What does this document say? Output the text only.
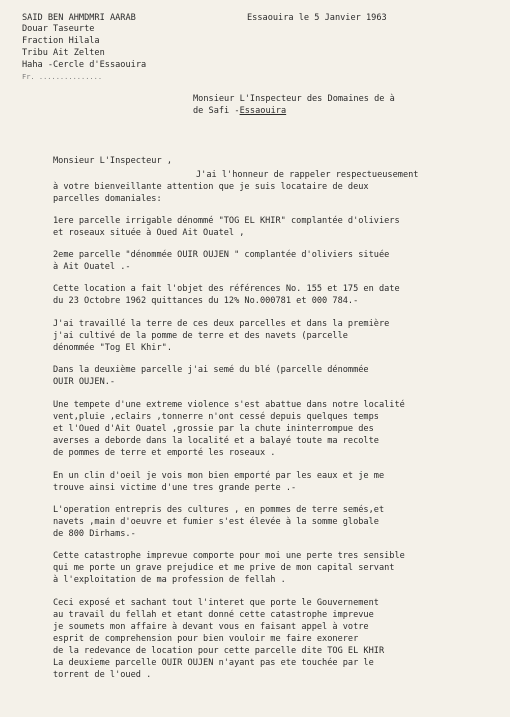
SAID BEN AHMDMRI AARAB
Douar Taseurte
Fraction Hilala
Tribu Ait Zelten
Haha -Cercle d'Essaouira
Fr. ...............
Essaouira le 5 Janvier 1963
Monsieur L'Inspecteur des Domaines de à
de Safi -Essaouira
Monsieur L'Inspecteur ,
J'ai l'honneur de rappeler respectueusement
à votre bienveillante attention que je suis locataire de deux
parcelles domaniales:
1ere parcelle irrigable dénommé "TOG EL KHIR" complantée d'oliviers
et roseaux située à Oued Ait Ouatel ,
2eme parcelle "dénommée OUIR OUJEN " complantée d'oliviers située
à Ait Ouatel .-
Cette location a fait l'objet des références No. 155 et 175 en date
du 23 Octobre 1962 quittances du 12% No.000781 et 000 784.-
J'ai travaillé la terre de ces deux parcelles et dans la première
j'ai cultivé de la pomme de terre et des navets (parcelle
dénommée "Tog El Khir".
Dans la deuxième parcelle j'ai semé du blé (parcelle dénommée
OUIR OUJEN.-
Une tempete d'une extreme violence s'est abattue dans notre localité
vent,pluie ,eclairs ,tonnerre n'ont cessé depuis quelques temps
et l'Oued d'Ait Ouatel ,grossie par la chute ininterrompue des
averses a deborde dans la localité et a balayé toute ma recolte
de pommes de terre et emporté les roseaux .
En un clin d'oeil je vois mon bien emporté par les eaux et je me
trouve ainsi victime d'une tres grande perte .-
L'operation entrepris des cultures , en pommes de terre semés,et
navets ,main d'oeuvre et fumier s'est élevée à la somme globale
de 800 Dirhams.-
Cette catastrophe imprevue comporte pour moi une perte tres sensible
qui me porte un grave prejudice et me prive de mon capital servant
à l'exploitation de ma profession de fellah .
Ceci exposé et sachant tout l'interet que porte le Gouvernement
au travail du fellah et etant donné cette catastrophe imprevue
je soumets mon affaire à devant vous en faisant appel à votre
esprit de comprehension pour bien vouloir me faire exonerer
de la redevance de location pour cette parcelle dite TOG EL KHIR
La deuxieme parcelle OUIR OUJEN n'ayant pas ete touchée par le
torrent de l'oued .
